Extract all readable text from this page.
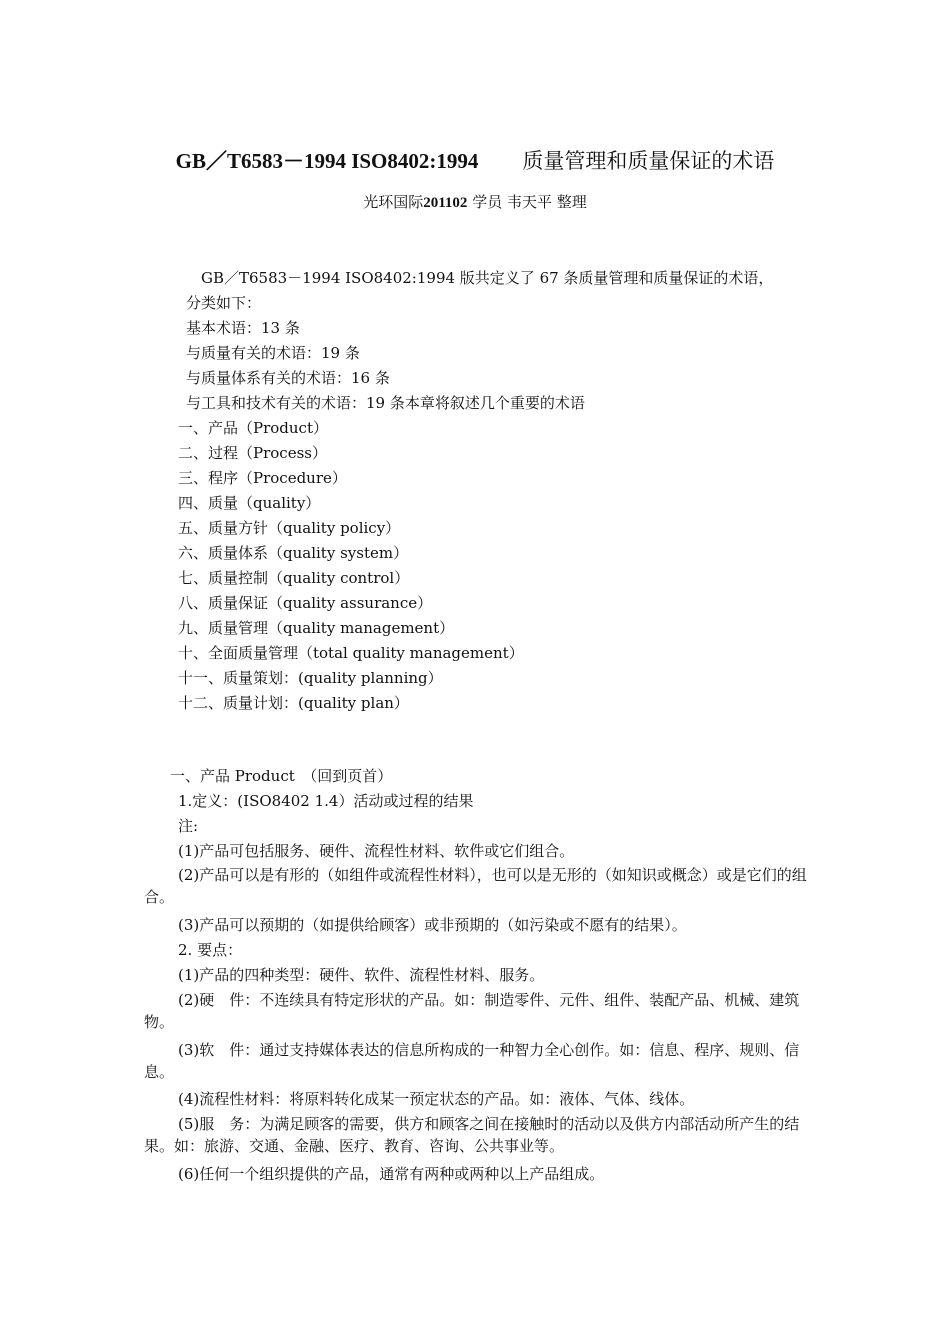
GB／T6583－1994 ISO8402:1994 质量管理和质量保证的术语
光环国际201102 学员 韦天平 整理
GB／T6583－1994 ISO8402:1994 版共定义了 67 条质量管理和质量保证的术语，
分类如下：
基本术语：13 条
与质量有关的术语：19 条
与质量体系有关的术语：16 条
与工具和技术有关的术语：19 条本章将叙述几个重要的术语
一、产品（Product）
二、过程（Process）
三、程序（Procedure）
四、质量（quality）
五、质量方针（quality policy）
六、质量体系（quality system）
七、质量控制（quality control）
八、质量保证（quality assurance）
九、质量管理（quality management）
十、全面质量管理（total quality management）
十一、质量策划：(quality planning）
十二、质量计划：(quality plan）
一、产品 Product　（回到页首）
1.定义：(ISO8402 1.4）活动或过程的结果
注:
(1)产品可包括服务、硬件、流程性材料、软件或它们组合。
(2)产品可以是有形的（如组件或流程性材料），也可以是无形的（如知识或概念）或是它们的组合。
(3)产品可以预期的（如提供给顾客）或非预期的（如污染或不愿有的结果）。
2. 要点：
(1)产品的四种类型：硬件、软件、流程性材料、服务。
(2)硬　件：不连续具有特定形状的产品。如：制造零件、元件、组件、装配产品、机械、建筑物。
(3)软　件：通过支持媒体表达的信息所构成的一种智力全心创作。如：信息、程序、规则、信息。
(4)流程性材料：将原料转化成某一预定状态的产品。如：液体、气体、线体。
(5)服　务：为满足顾客的需要，供方和顾客之间在接触时的活动以及供方内部活动所产生的结果。如：旅游、交通、金融、医疗、教育、咨询、公共事业等。
(6)任何一个组织提供的产品，通常有两种或两种以上产品组成。
